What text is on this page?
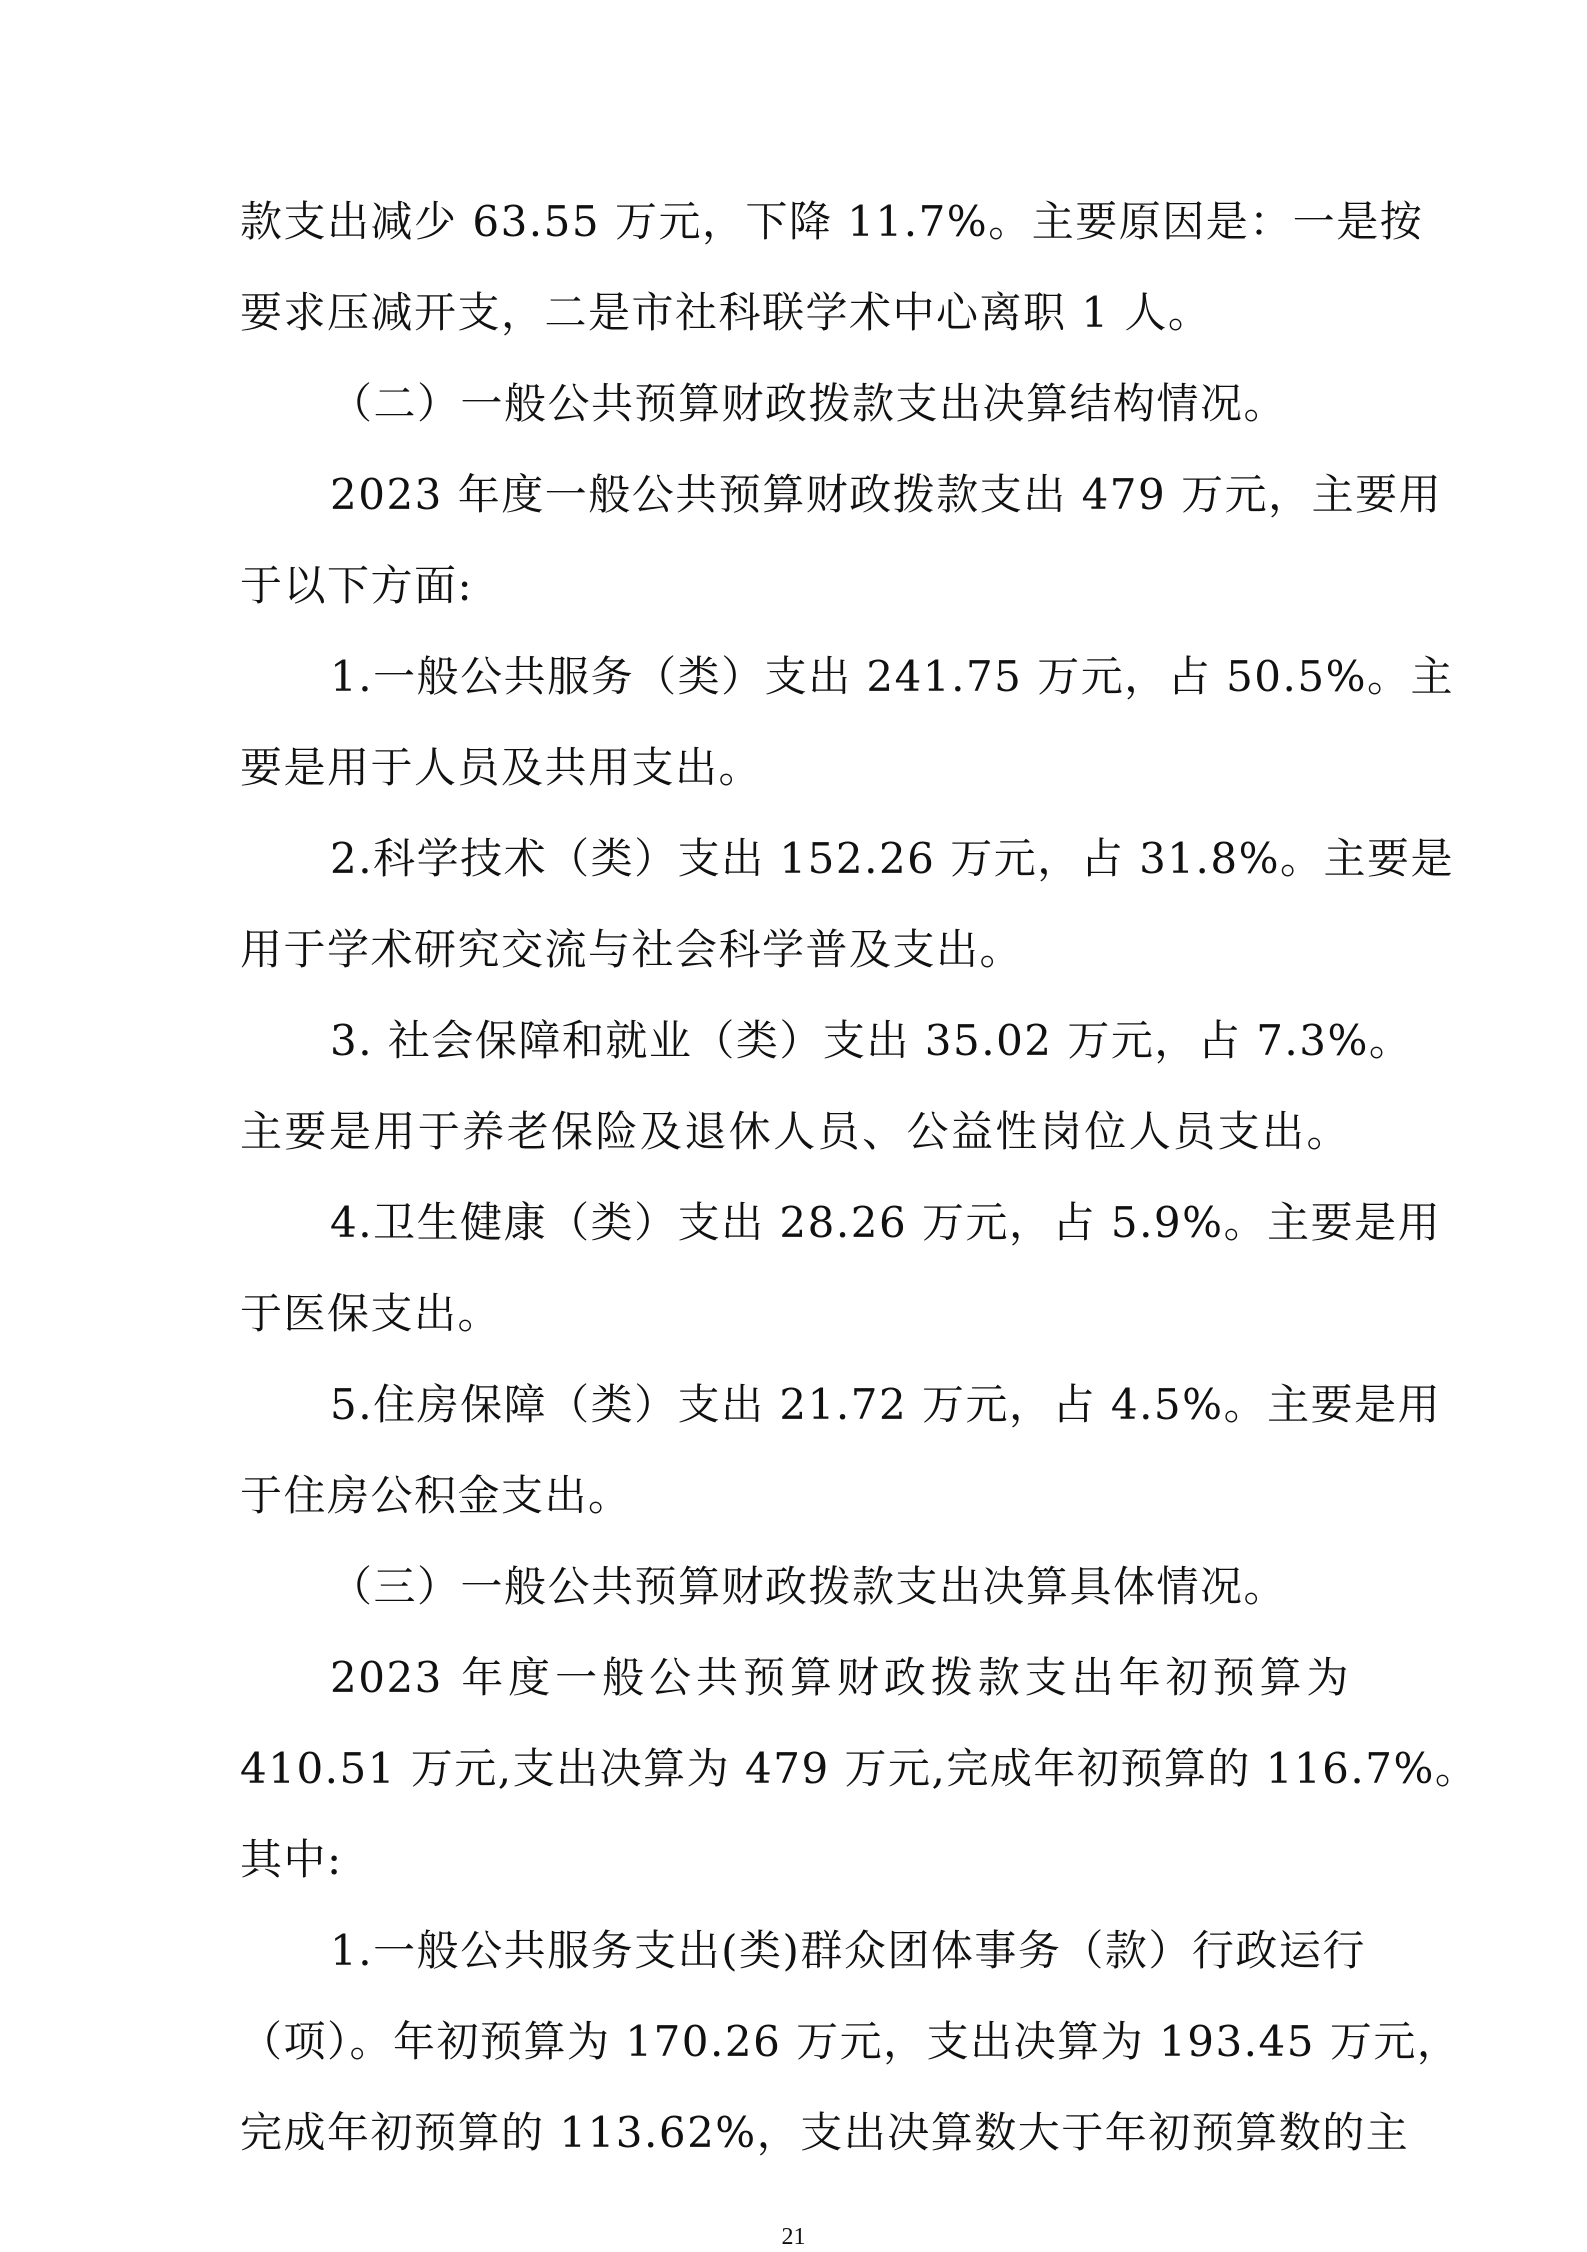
款支出减少 63.55 万元，下降 11.7%。主要原因是：一是按
要求压减开支，二是市社科联学术中心离职 1 人。
（二）一般公共预算财政拨款支出决算结构情况。
2023 年度一般公共预算财政拨款支出 479 万元，主要用
于以下方面:
1.一般公共服务（类）支出 241.75 万元，占 50.5%。主
要是用于人员及共用支出。
2.科学技术（类）支出 152.26 万元，占 31.8%。主要是
用于学术研究交流与社会科学普及支出。
3. 社会保障和就业（类）支出 35.02 万元，占 7.3%。
主要是用于养老保险及退休人员、公益性岗位人员支出。
4.卫生健康（类）支出 28.26 万元，占 5.9%。主要是用
于医保支出。
5.住房保障（类）支出 21.72 万元，占 4.5%。主要是用
于住房公积金支出。
（三）一般公共预算财政拨款支出决算具体情况。
2023 年度一般公共预算财政拨款支出年初预算为
410.51 万元,支出决算为 479 万元,完成年初预算的 116.7%。
其中:
1.一般公共服务支出(类)群众团体事务（款）行政运行
（项）。年初预算为 170.26 万元，支出决算为 193.45 万元，
完成年初预算的 113.62%，支出决算数大于年初预算数的主
21
